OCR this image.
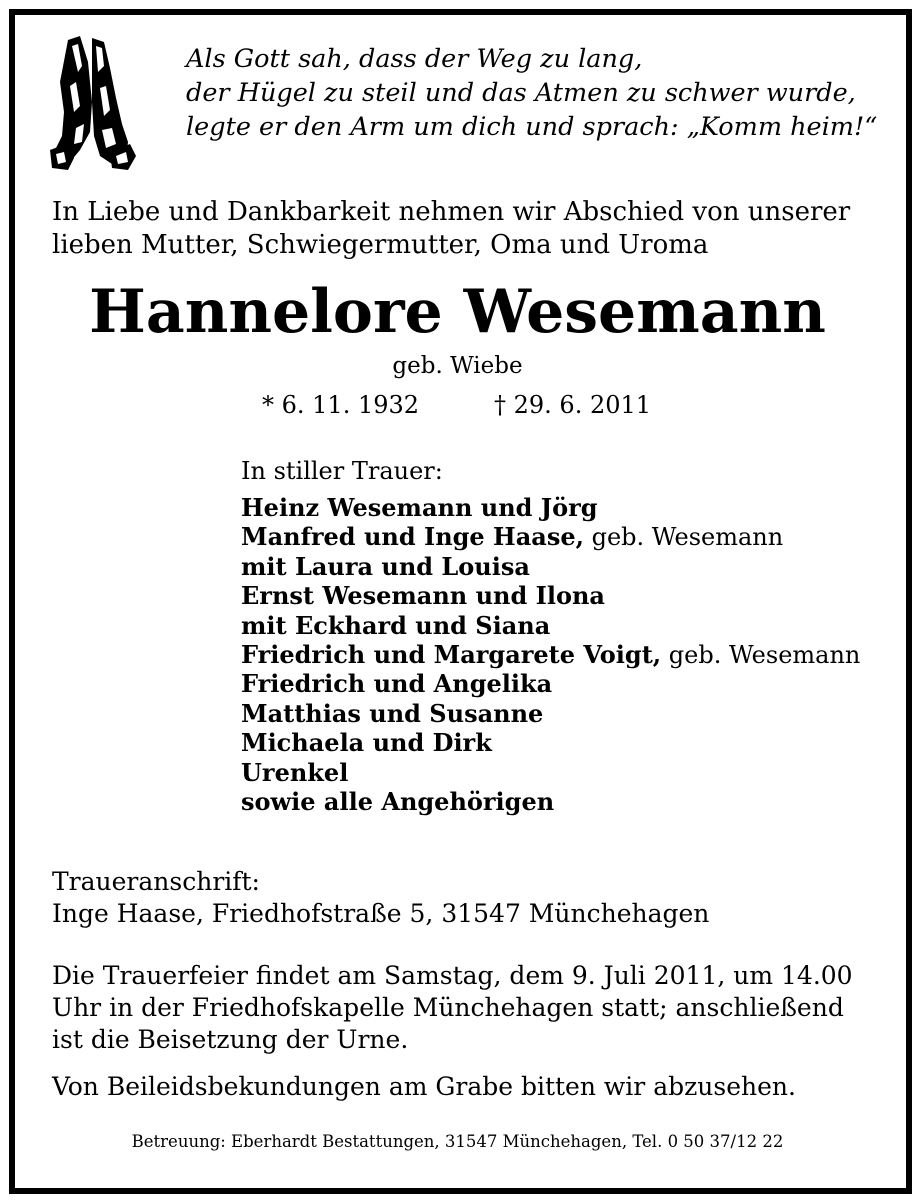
Als Gott sah, dass der Weg zu lang,
der Hügel zu steil und das Atmen zu schwer wurde,
legte er den Arm um dich und sprach: „Komm heim!“
In Liebe und Dankbarkeit nehmen wir Abschied von unserer
lieben Mutter, Schwiegermutter, Oma und Uroma
Hannelore Wesemann
geb. Wiebe
* 6. 11. 1932	† 29. 6. 2011
In stiller Trauer:
Heinz Wesemann und Jörg
Manfred und Inge Haase, geb. Wesemann
mit Laura und Louisa
Ernst Wesemann und Ilona
mit Eckhard und Siana
Friedrich und Margarete Voigt, geb. Wesemann
Friedrich und Angelika
Matthias und Susanne
Michaela und Dirk
Urenkel
sowie alle Angehörigen
Traueranschrift:
Inge Haase, Friedhofstraße 5, 31547 Münchehagen
Die Trauerfeier findet am Samstag, dem 9. Juli 2011, um 14.00
Uhr in der Friedhofskapelle Münchehagen statt; anschließend
ist die Beisetzung der Urne.
Von Beileidsbekundungen am Grabe bitten wir abzusehen.
Betreuung: Eberhardt Bestattungen, 31547 Münchehagen, Tel. 0 50 37/12 22
